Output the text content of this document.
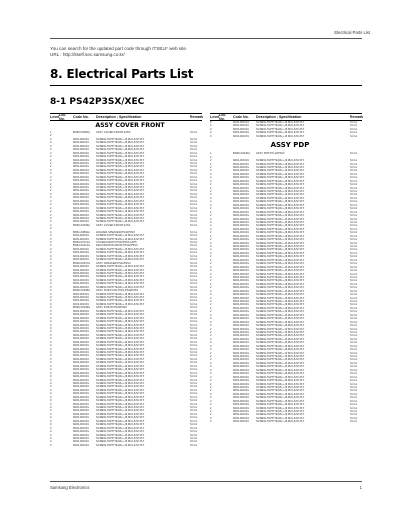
Electrical Parts List
You can search for the updated part code through ITSELF web site.
URL : http://itself.sec.samsung.co.kr/
8. Electrical Parts List
8-1 PS42P3SX/XEC
Level Loc. No.	Code No.	Description ; Specification	Remark
ASSY COVER FRONT
1	BN96-00350A	ASSY COVER FRONT;42SX	S.N.A
2
2	6003-001001	SCREW-TAPTITE;RH,+,B,M3,L8,NI PLT	S.N.A
2	6003-001001	SCREW-TAPTITE;RH,+,B,M3,L8,NI PLT	S.N.A
2	6003-001001	SCREW-TAPTITE;RH,+,B,M3,L8,NI PLT	S.N.A
2	6003-001001	SCREW-TAPTITE;RH,+,B,M3,L8,NI PLT	S.N.A
2	6003-001001	SCREW-TAPTITE;RH,+,B,M3,L8,NI PLT	S.N.A
2	6003-001001	SCREW-TAPTITE;RH,+,B,M3,L8,NI PLT	S.N.A
2	6003-001001	SCREW-TAPTITE;RH,+,B,M3,L8,NI PLT	S.N.A
2	6003-001001	SCREW-TAPTITE;RH,+,B,M3,L8,NI PLT	S.N.A
2	6003-001001	SCREW-TAPTITE;RH,+,B,M3,L8,NI PLT	S.N.A
2	6003-001001	SCREW-TAPTITE;RH,+,B,M3,L8,NI PLT	S.N.A
2	6003-001001	SCREW-TAPTITE;RH,+,B,M3,L8,NI PLT	S.N.A
2	6003-001001	SCREW-TAPTITE;RH,+,B,M3,L8,NI PLT	S.N.A
2	6003-001001	SCREW-TAPTITE;RH,+,B,M3,L8,NI PLT	S.N.A
2	6003-001001	SCREW-TAPTITE;RH,+,B,M3,L8,NI PLT	S.N.A
2	6003-001001	SCREW-TAPTITE;RH,+,B,M3,L8,NI PLT	S.N.A
2	6003-001001	SCREW-TAPTITE;RH,+,B,M3,L8,NI PLT	S.N.A
2	6003-001001	SCREW-TAPTITE;RH,+,B,M3,L8,NI PLT	S.N.A
2	6003-001001	SCREW-TAPTITE;RH,+,B,M3,L8,NI PLT	S.N.A
2	6003-001001	SCREW-TAPTITE;RH,+,B,M3,L8,NI PLT	S.N.A
2	6003-001001	SCREW-TAPTITE;RH,+,B,M3,L8,NI PLT	S.N.A
2	6003-001001	SCREW-TAPTITE;RH,+,B,M3,L8,NI PLT	S.N.A
2	6003-001001	SCREW-TAPTITE;RH,+,B,M3,L8,NI PLT	S.N.A
2	6003-001001	SCREW-TAPTITE;RH,+,B,M3,L8,NI PLT	S.N.A
2	6003-001001	SCREW-TAPTITE;RH,+,B,M3,L8,NI PLT	S.N.A
2	6003-001001	SCREW-TAPTITE;RH,+,B,M3,L8,NI PLT	S.N.A
2	BN96-00339A	ASSY COVER FRONT;42SX	S.N.A
3
3	BN61-00891A	HOLDER-SPEAKER;PS42P3SX	S.N.A
3	6003-001001	SCREW-TAPTITE;RH,+,B,M3,L8,NI PLT	S.N.A
3	6003-001001	SCREW-TAPTITE;RH,+,B,M3,L8,NI PLT	S.N.A
3	BN63-00721A	COVER-FRONT;PS42P3SX,HIPS	S.N.A
3	BN64-00212A	DECORATION-FRONT;PS42P3SX	S.N.A
3	6003-001001	SCREW-TAPTITE;RH,+,B,M3,L8,NI PLT	S.N.A
3	6003-001001	SCREW-TAPTITE;RH,+,B,M3,L8,NI PLT	S.N.A
3	6003-001001	SCREW-TAPTITE;RH,+,B,M3,L8,NI PLT	S.N.A
3	6003-001001	SCREW-TAPTITE;RH,+,B,M3,L8,NI PLT	S.N.A
3	BN96-00347A	ASSY SPEAKER;PS42P3SX	S.N.A
3	6003-001001	SCREW-TAPTITE;RH,+,B,M3,L8,NI PLT	S.N.A
3	6003-001001	SCREW-TAPTITE;RH,+,B,M3,L8,NI PLT	S.N.A
3	6003-001001	SCREW-TAPTITE;RH,+,B,M3,L8,NI PLT	S.N.A
3	6003-001001	SCREW-TAPTITE;RH,+,B,M3,L8,NI PLT	S.N.A
3	6003-001001	SCREW-TAPTITE;RH,+,B,M3,L8,NI PLT	S.N.A
3	6003-001001	SCREW-TAPTITE;RH,+,B,M3,L8,NI PLT	S.N.A
3	6003-001001	SCREW-TAPTITE;RH,+,B,M3,L8,NI PLT	S.N.A
3	BN96-00348A	ASSY PCB;FUNCTION,PS42P3SX	S.N.A
3	6003-001001	SCREW-TAPTITE;RH,+,B,M3,L8,NI PLT	S.N.A
3	6003-001001	SCREW-TAPTITE;RH,+,B,M3,L8,NI PLT	S.N.A
3	6003-001001	SCREW-TAPTITE;RH,+,B,M3,L8,NI PLT	S.N.A
3	6003-001001	SCREW-TAPTITE;RH,+,B,M3,L8,NI PLT	S.N.A
3	BN96-00349A	ASSY PCB;IR,PS42P3SX	S.N.A
3	6003-001001	SCREW-TAPTITE;RH,+,B,M3,L8,NI PLT	S.N.A
3	6003-001001	SCREW-TAPTITE;RH,+,B,M3,L8,NI PLT	S.N.A
3	6003-001001	SCREW-TAPTITE;RH,+,B,M3,L8,NI PLT	S.N.A
3	6003-001001	SCREW-TAPTITE;RH,+,B,M3,L8,NI PLT	S.N.A
3	6003-001001	SCREW-TAPTITE;RH,+,B,M3,L8,NI PLT	S.N.A
3	6003-001001	SCREW-TAPTITE;RH,+,B,M3,L8,NI PLT	S.N.A
3	6003-001001	SCREW-TAPTITE;RH,+,B,M3,L8,NI PLT	S.N.A
3	6003-001001	SCREW-TAPTITE;RH,+,B,M3,L8,NI PLT	S.N.A
3	6003-001001	SCREW-TAPTITE;RH,+,B,M3,L8,NI PLT	S.N.A
3	6003-001001	SCREW-TAPTITE;RH,+,B,M3,L8,NI PLT	S.N.A
3	6003-001001	SCREW-TAPTITE;RH,+,B,M3,L8,NI PLT	S.N.A
3	6003-001001	SCREW-TAPTITE;RH,+,B,M3,L8,NI PLT	S.N.A
3	6003-001001	SCREW-TAPTITE;RH,+,B,M3,L8,NI PLT	S.N.A
3	6003-001001	SCREW-TAPTITE;RH,+,B,M3,L8,NI PLT	S.N.A
3	6003-001001	SCREW-TAPTITE;RH,+,B,M3,L8,NI PLT	S.N.A
3	6003-001001	SCREW-TAPTITE;RH,+,B,M3,L8,NI PLT	S.N.A
3	6003-001001	SCREW-TAPTITE;RH,+,B,M3,L8,NI PLT	S.N.A
3	6003-001001	SCREW-TAPTITE;RH,+,B,M3,L8,NI PLT	S.N.A
3	6003-001001	SCREW-TAPTITE;RH,+,B,M3,L8,NI PLT	S.N.A
3	6003-001001	SCREW-TAPTITE;RH,+,B,M3,L8,NI PLT	S.N.A
3	6003-001001	SCREW-TAPTITE;RH,+,B,M3,L8,NI PLT	S.N.A
3	6003-001001	SCREW-TAPTITE;RH,+,B,M3,L8,NI PLT	S.N.A
3	6003-001001	SCREW-TAPTITE;RH,+,B,M3,L8,NI PLT	S.N.A
3	6003-001001	SCREW-TAPTITE;RH,+,B,M3,L8,NI PLT	S.N.A
3	6003-001001	SCREW-TAPTITE;RH,+,B,M3,L8,NI PLT	S.N.A
3	6003-001001	SCREW-TAPTITE;RH,+,B,M3,L8,NI PLT	S.N.A
3	6003-001001	SCREW-TAPTITE;RH,+,B,M3,L8,NI PLT	S.N.A
3	6003-001001	SCREW-TAPTITE;RH,+,B,M3,L8,NI PLT	S.N.A
3	6003-001001	SCREW-TAPTITE;RH,+,B,M3,L8,NI PLT	S.N.A
3	6003-001001	SCREW-TAPTITE;RH,+,B,M3,L8,NI PLT	S.N.A
3	6003-001001	SCREW-TAPTITE;RH,+,B,M3,L8,NI PLT	S.N.A
3	6003-001001	SCREW-TAPTITE;RH,+,B,M3,L8,NI PLT	S.N.A
3	6003-001001	SCREW-TAPTITE;RH,+,B,M3,L8,NI PLT	S.N.A
3	6003-001001	SCREW-TAPTITE;RH,+,B,M3,L8,NI PLT	S.N.A
3	6003-001001	SCREW-TAPTITE;RH,+,B,M3,L8,NI PLT	S.N.A
3	6003-001001	SCREW-TAPTITE;RH,+,B,M3,L8,NI PLT	S.N.A
3	6003-001001	SCREW-TAPTITE;RH,+,B,M3,L8,NI PLT	S.N.A
3	6003-001001	SCREW-TAPTITE;RH,+,B,M3,L8,NI PLT	S.N.A
3	6003-001001	SCREW-TAPTITE;RH,+,B,M3,L8,NI PLT	S.N.A
3	6003-001001	SCREW-TAPTITE;RH,+,B,M3,L8,NI PLT	S.N.A
Level Loc. No.	Code No.	Description ; Specification	Remark
3	6003-001001	SCREW-TAPTITE;RH,+,B,M3,L8,NI PLT	S.N.A
3	6003-001001	SCREW-TAPTITE;RH,+,B,M3,L8,NI PLT	S.N.A
3	6003-001001	SCREW-TAPTITE;RH,+,B,M3,L8,NI PLT	S.N.A
3	6003-001001	SCREW-TAPTITE;RH,+,B,M3,L8,NI PLT	S.N.A
3	6003-001001	SCREW-TAPTITE;RH,+,B,M3,L8,NI PLT	S.N.A
ASSY PDP
1	BN96-00340A	ASSY PDP;PS-42P3SX	S.N.A
2
2	6003-001001	SCREW-TAPTITE;RH,+,B,M3,L8,NI PLT	S.N.A
2	6003-001001	SCREW-TAPTITE;RH,+,B,M3,L8,NI PLT	S.N.A
2	6003-001001	SCREW-TAPTITE;RH,+,B,M3,L8,NI PLT	S.N.A
2	6003-001001	SCREW-TAPTITE;RH,+,B,M3,L8,NI PLT	S.N.A
2	6003-001001	SCREW-TAPTITE;RH,+,B,M3,L8,NI PLT	S.N.A
2	6003-001001	SCREW-TAPTITE;RH,+,B,M3,L8,NI PLT	S.N.A
2	6003-001001	SCREW-TAPTITE;RH,+,B,M3,L8,NI PLT	S.N.A
2	6003-001001	SCREW-TAPTITE;RH,+,B,M3,L8,NI PLT	S.N.A
2	6003-001001	SCREW-TAPTITE;RH,+,B,M3,L8,NI PLT	S.N.A
2	6003-001001	SCREW-TAPTITE;RH,+,B,M3,L8,NI PLT	S.N.A
2	6003-001001	SCREW-TAPTITE;RH,+,B,M3,L8,NI PLT	S.N.A
2	6003-001001	SCREW-TAPTITE;RH,+,B,M3,L8,NI PLT	S.N.A
2	6003-001001	SCREW-TAPTITE;RH,+,B,M3,L8,NI PLT	S.N.A
2	6003-001001	SCREW-TAPTITE;RH,+,B,M3,L8,NI PLT	S.N.A
2	6003-001001	SCREW-TAPTITE;RH,+,B,M3,L8,NI PLT	S.N.A
2	6003-001001	SCREW-TAPTITE;RH,+,B,M3,L8,NI PLT	S.N.A
2	6003-001001	SCREW-TAPTITE;RH,+,B,M3,L8,NI PLT	S.N.A
2	6003-001001	SCREW-TAPTITE;RH,+,B,M3,L8,NI PLT	S.N.A
2	6003-001001	SCREW-TAPTITE;RH,+,B,M3,L8,NI PLT	S.N.A
2	6003-001001	SCREW-TAPTITE;RH,+,B,M3,L8,NI PLT	S.N.A
2	6003-001001	SCREW-TAPTITE;RH,+,B,M3,L8,NI PLT	S.N.A
2	6003-001001	SCREW-TAPTITE;RH,+,B,M3,L8,NI PLT	S.N.A
2	6003-001001	SCREW-TAPTITE;RH,+,B,M3,L8,NI PLT	S.N.A
2	6003-001001	SCREW-TAPTITE;RH,+,B,M3,L8,NI PLT	S.N.A
2	6003-001001	SCREW-TAPTITE;RH,+,B,M3,L8,NI PLT	S.N.A
2	6003-001001	SCREW-TAPTITE;RH,+,B,M3,L8,NI PLT	S.N.A
2	6003-001001	SCREW-TAPTITE;RH,+,B,M3,L8,NI PLT	S.N.A
2	6003-001001	SCREW-TAPTITE;RH,+,B,M3,L8,NI PLT	S.N.A
2	6003-001001	SCREW-TAPTITE;RH,+,B,M3,L8,NI PLT	S.N.A
2	6003-001001	SCREW-TAPTITE;RH,+,B,M3,L8,NI PLT	S.N.A
2	6003-001001	SCREW-TAPTITE;RH,+,B,M3,L8,NI PLT	S.N.A
2	6003-001001	SCREW-TAPTITE;RH,+,B,M3,L8,NI PLT	S.N.A
2	6003-001001	SCREW-TAPTITE;RH,+,B,M3,L8,NI PLT	S.N.A
2	6003-001001	SCREW-TAPTITE;RH,+,B,M3,L8,NI PLT	S.N.A
2	6003-001001	SCREW-TAPTITE;RH,+,B,M3,L8,NI PLT	S.N.A
2	6003-001001	SCREW-TAPTITE;RH,+,B,M3,L8,NI PLT	S.N.A
2	6003-001001	SCREW-TAPTITE;RH,+,B,M3,L8,NI PLT	S.N.A
2	6003-001001	SCREW-TAPTITE;RH,+,B,M3,L8,NI PLT	S.N.A
2	6003-001001	SCREW-TAPTITE;RH,+,B,M3,L8,NI PLT	S.N.A
2	6003-001001	SCREW-TAPTITE;RH,+,B,M3,L8,NI PLT	S.N.A
2	6003-001001	SCREW-TAPTITE;RH,+,B,M3,L8,NI PLT	S.N.A
2	6003-001001	SCREW-TAPTITE;RH,+,B,M3,L8,NI PLT	S.N.A
2	6003-001001	SCREW-TAPTITE;RH,+,B,M3,L8,NI PLT	S.N.A
2	6003-001001	SCREW-TAPTITE;RH,+,B,M3,L8,NI PLT	S.N.A
2	6003-001001	SCREW-TAPTITE;RH,+,B,M3,L8,NI PLT	S.N.A
2	6003-001001	SCREW-TAPTITE;RH,+,B,M3,L8,NI PLT	S.N.A
2	6003-001001	SCREW-TAPTITE;RH,+,B,M3,L8,NI PLT	S.N.A
2	6003-001001	SCREW-TAPTITE;RH,+,B,M3,L8,NI PLT	S.N.A
2	6003-001001	SCREW-TAPTITE;RH,+,B,M3,L8,NI PLT	S.N.A
2	6003-001001	SCREW-TAPTITE;RH,+,B,M3,L8,NI PLT	S.N.A
2	6003-001001	SCREW-TAPTITE;RH,+,B,M3,L8,NI PLT	S.N.A
2	6003-001001	SCREW-TAPTITE;RH,+,B,M3,L8,NI PLT	S.N.A
2	6003-001001	SCREW-TAPTITE;RH,+,B,M3,L8,NI PLT	S.N.A
2	6003-001001	SCREW-TAPTITE;RH,+,B,M3,L8,NI PLT	S.N.A
2	6003-001001	SCREW-TAPTITE;RH,+,B,M3,L8,NI PLT	S.N.A
2	6003-001001	SCREW-TAPTITE;RH,+,B,M3,L8,NI PLT	S.N.A
2	6003-001001	SCREW-TAPTITE;RH,+,B,M3,L8,NI PLT	S.N.A
2	6003-001001	SCREW-TAPTITE;RH,+,B,M3,L8,NI PLT	S.N.A
2	6003-001001	SCREW-TAPTITE;RH,+,B,M3,L8,NI PLT	S.N.A
2	6003-001001	SCREW-TAPTITE;RH,+,B,M3,L8,NI PLT	S.N.A
2	6003-001001	SCREW-TAPTITE;RH,+,B,M3,L8,NI PLT	S.N.A
2	6003-001001	SCREW-TAPTITE;RH,+,B,M3,L8,NI PLT	S.N.A
2	6003-001001	SCREW-TAPTITE;RH,+,B,M3,L8,NI PLT	S.N.A
2	6003-001001	SCREW-TAPTITE;RH,+,B,M3,L8,NI PLT	S.N.A
2	6003-001001	SCREW-TAPTITE;RH,+,B,M3,L8,NI PLT	S.N.A
2	6003-001001	SCREW-TAPTITE;RH,+,B,M3,L8,NI PLT	S.N.A
2	6003-001001	SCREW-TAPTITE;RH,+,B,M3,L8,NI PLT	S.N.A
2	6003-001001	SCREW-TAPTITE;RH,+,B,M3,L8,NI PLT	S.N.A
2	6003-001001	SCREW-TAPTITE;RH,+,B,M3,L8,NI PLT	S.N.A
2	6003-001001	SCREW-TAPTITE;RH,+,B,M3,L8,NI PLT	S.N.A
2	6003-001001	SCREW-TAPTITE;RH,+,B,M3,L8,NI PLT	S.N.A
2	6003-001001	SCREW-TAPTITE;RH,+,B,M3,L8,NI PLT	S.N.A
2	6003-001001	SCREW-TAPTITE;RH,+,B,M3,L8,NI PLT	S.N.A
2	6003-001001	SCREW-TAPTITE;RH,+,B,M3,L8,NI PLT	S.N.A
2	6003-001001	SCREW-TAPTITE;RH,+,B,M3,L8,NI PLT	S.N.A
2	6003-001001	SCREW-TAPTITE;RH,+,B,M3,L8,NI PLT	S.N.A
2	6003-001001	SCREW-TAPTITE;RH,+,B,M3,L8,NI PLT	S.N.A
Samsung Electronics	1
